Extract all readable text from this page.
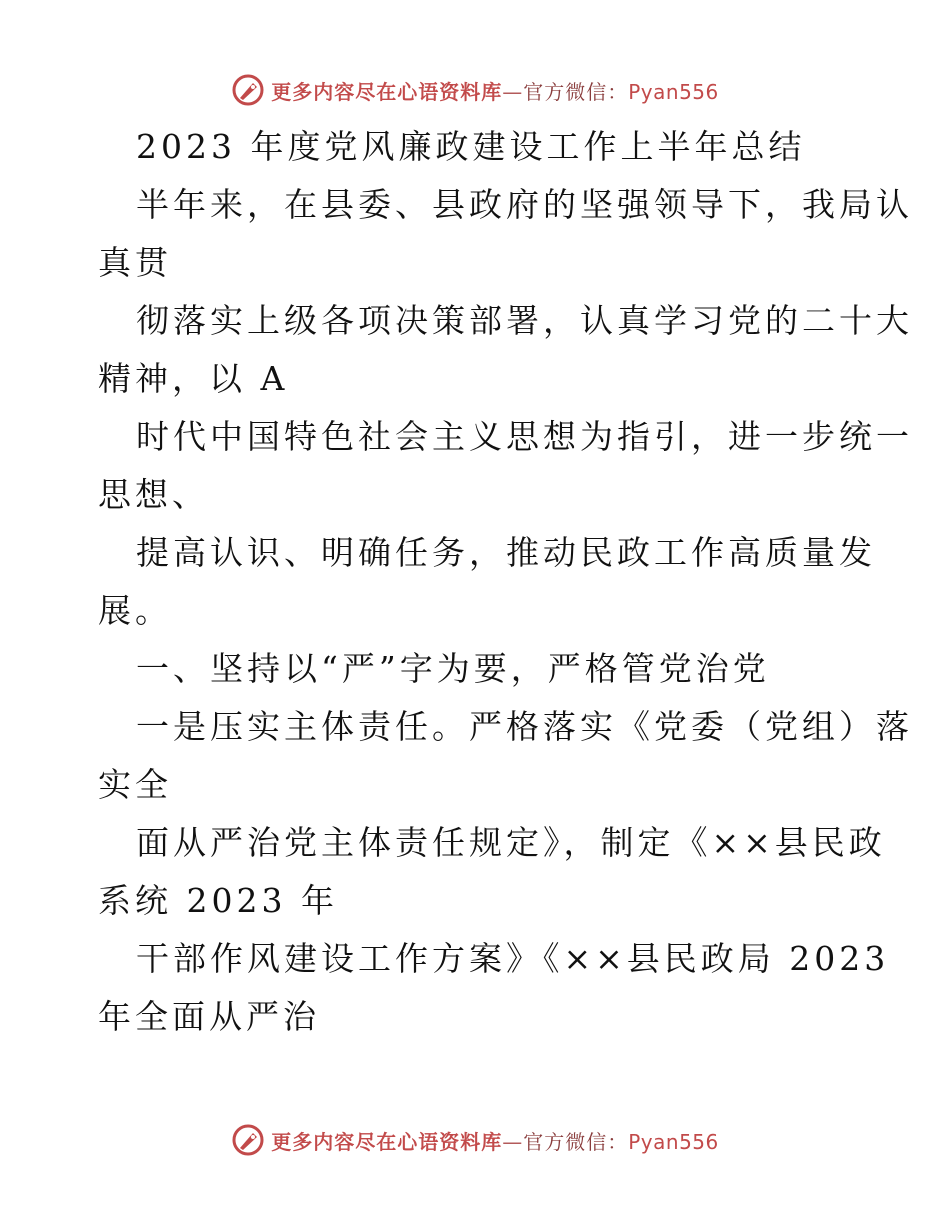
更多内容尽在心语资料库—官方微信：Pyan556
2023 年度党风廉政建设工作上半年总结
半年来，在县委、县政府的坚强领导下，我局认
真贯
彻落实上级各项决策部署，认真学习党的二十大
精神，以 A
时代中国特色社会主义思想为指引，进一步统一
思想、
提高认识、明确任务，推动民政工作高质量发
展。
一、坚持以“严”字为要，严格管党治党
一是压实主体责任。严格落实《党委（党组）落
实全
面从严治党主体责任规定》，制定《××县民政
系统 2023 年
干部作风建设工作方案》《××县民政局 2023
年全面从严治
更多内容尽在心语资料库—官方微信：Pyan556
